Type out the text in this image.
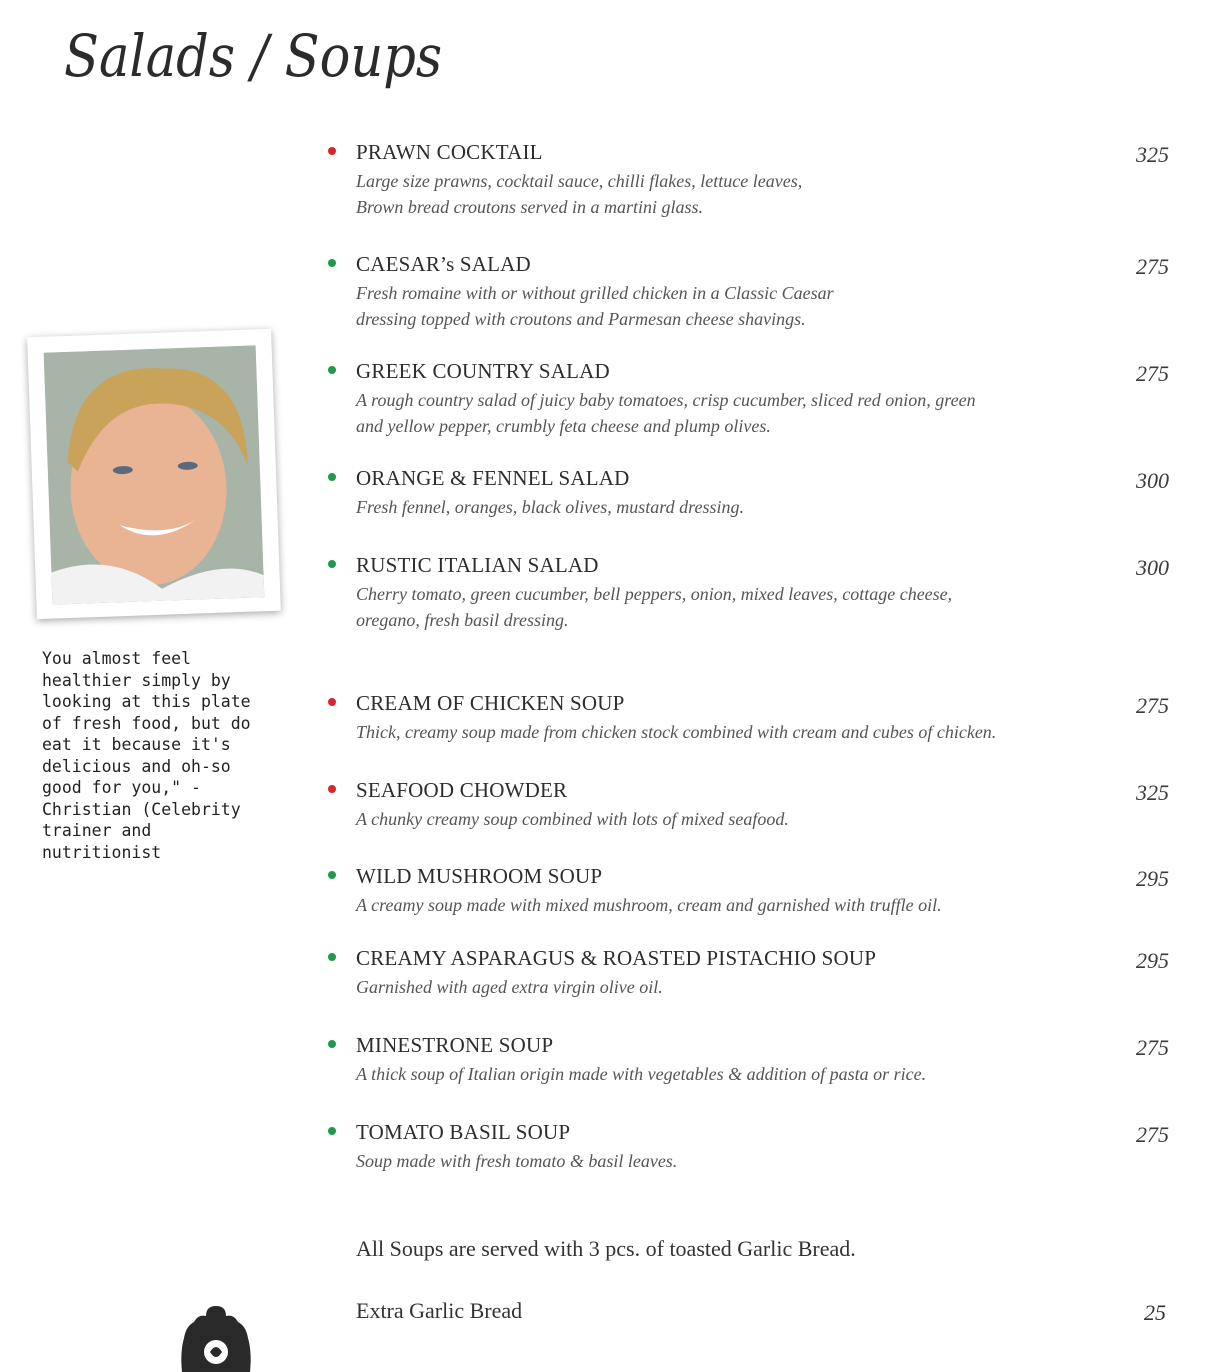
Salads / Soups
PRAWN COCKTAIL	325
Large size prawns, cocktail sauce, chilli flakes, lettuce leaves,
Brown bread croutons served in a martini glass.
CAESAR’s SALAD	275
Fresh romaine with or without grilled chicken in a Classic Caesar
dressing topped with croutons and Parmesan cheese shavings.
GREEK COUNTRY SALAD	275
A rough country salad of juicy baby tomatoes, crisp cucumber, sliced red onion, green
and yellow pepper, crumbly feta cheese and plump olives.
ORANGE & FENNEL SALAD	300
Fresh fennel, oranges, black olives, mustard dressing.
RUSTIC ITALIAN SALAD	300
Cherry tomato, green cucumber, bell peppers, onion, mixed leaves, cottage cheese,
oregano, fresh basil dressing.
CREAM OF CHICKEN SOUP	275
Thick, creamy soup made from chicken stock combined with cream and cubes of chicken.
SEAFOOD CHOWDER	325
A chunky creamy soup combined with lots of mixed seafood.
WILD MUSHROOM SOUP	295
A creamy soup made with mixed mushroom, cream and garnished with truffle oil.
CREAMY ASPARAGUS & ROASTED PISTACHIO SOUP	295
Garnished with aged extra virgin olive oil.
MINESTRONE SOUP	275
A thick soup of Italian origin made with vegetables & addition of pasta or rice.
TOMATO BASIL SOUP	275
Soup made with fresh tomato & basil leaves.
You almost feel healthier simply by looking at this plate of fresh food, but do eat it because it's delicious and oh-so good for you," - Christian (Celebrity trainer and nutritionist
All Soups are served with 3 pcs. of toasted Garlic Bread.
Extra Garlic Bread	25
